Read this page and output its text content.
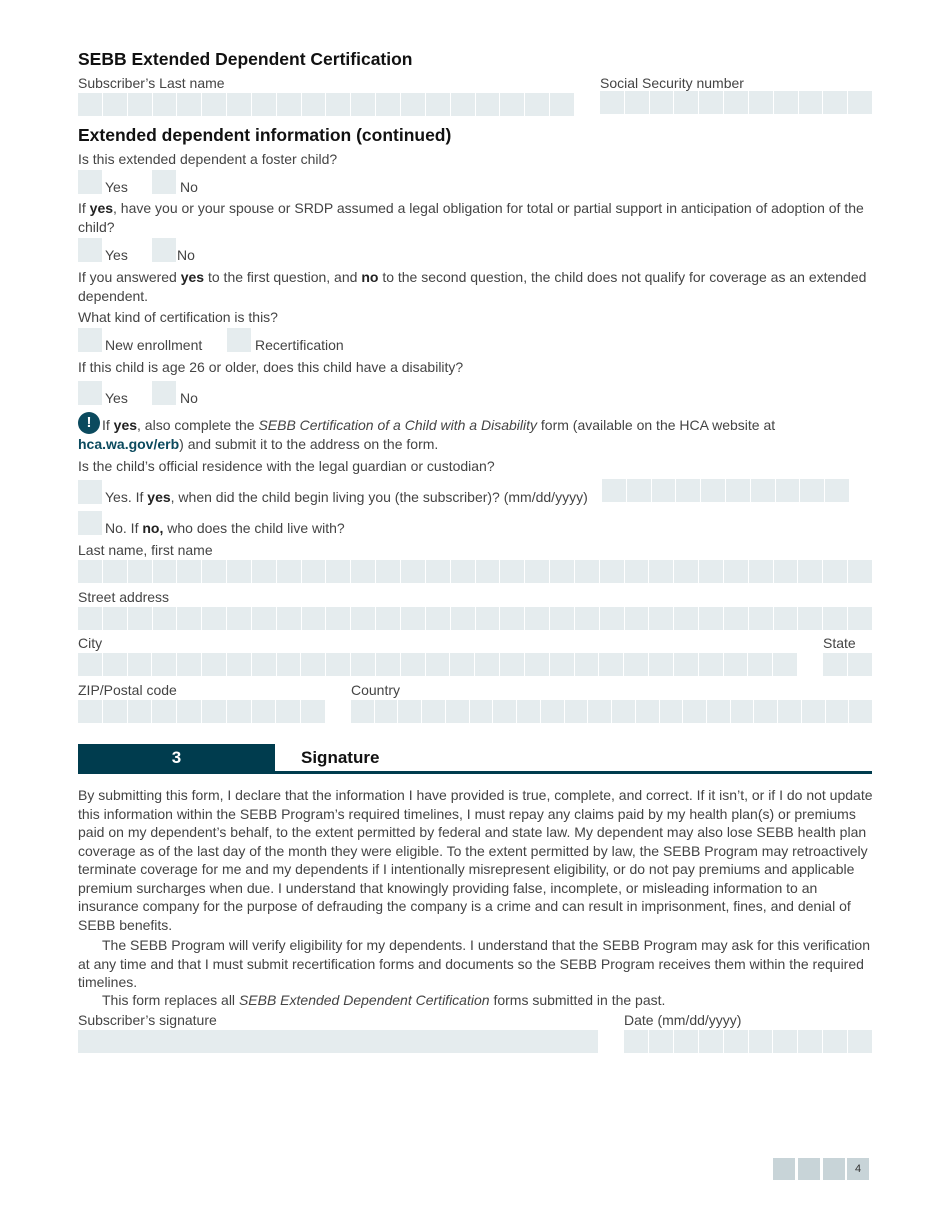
SEBB Extended Dependent Certification
Subscriber’s Last name	Social Security number
Extended dependent information (continued)
Is this extended dependent a foster child?
Yes	No
If yes, have you or your spouse or SRDP assumed a legal obligation for total or partial support in anticipation of adoption of the child?
Yes	No
If you answered yes to the first question, and no to the second question, the child does not qualify for coverage as an extended dependent.
What kind of certification is this?
New enrollment	Recertification
If this child is age 26 or older, does this child have a disability?
Yes	No
! If yes, also complete the SEBB Certification of a Child with a Disability form (available on the HCA website at hca.wa.gov/erb) and submit it to the address on the form.
Is the child’s official residence with the legal guardian or custodian?
Yes. If yes, when did the child begin living you (the subscriber)? (mm/dd/yyyy)
No. If no, who does the child live with?
Last name, first name
Street address
City	State
ZIP/Postal code	Country
3	Signature
By submitting this form, I declare that the information I have provided is true, complete, and correct. If it isn’t, or if I do not update this information within the SEBB Program’s required timelines, I must repay any claims paid by my health plan(s) or premiums paid on my dependent’s behalf, to the extent permitted by federal and state law. My dependent may also lose SEBB health plan coverage as of the last day of the month they were eligible. To the extent permitted by law, the SEBB Program may retroactively terminate coverage for me and my dependents if I intentionally misrepresent eligibility, or do not pay premiums and applicable premium surcharges when due. I understand that knowingly providing false, incomplete, or misleading information to an insurance company for the purpose of defrauding the company is a crime and can result in imprisonment, fines, and denial of SEBB benefits.
The SEBB Program will verify eligibility for my dependents. I understand that the SEBB Program may ask for this verification at any time and that I must submit recertification forms and documents so the SEBB Program receives them within the required timelines.
This form replaces all SEBB Extended Dependent Certification forms submitted in the past.
Subscriber’s signature	Date (mm/dd/yyyy)
4
